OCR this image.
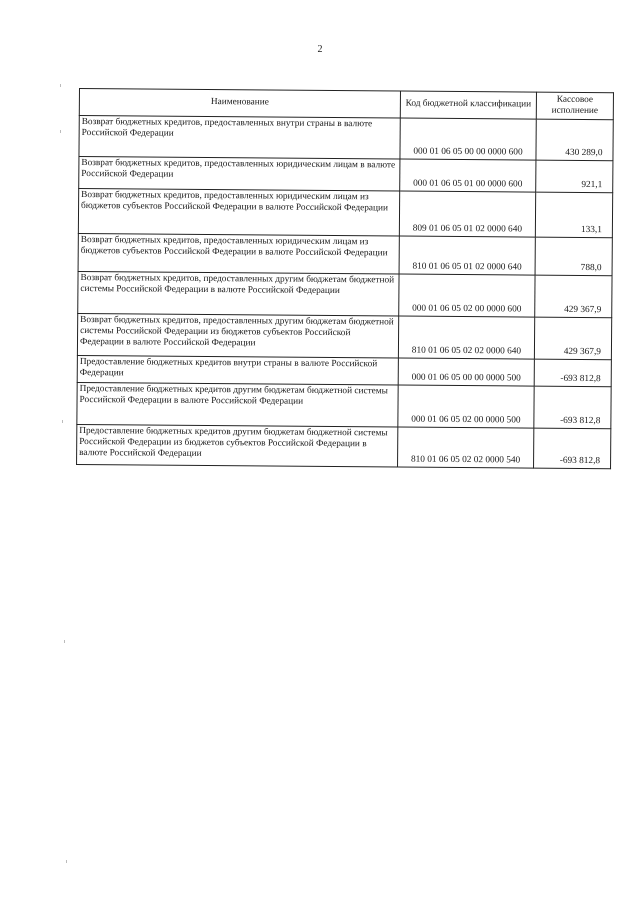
2
Наименование	Код бюджетной классификации	Кассовое исполнение
Возврат бюджетных кредитов, предоставленных внутри страны в валюте Российской Федерации	000 01 06 05 00 00 0000 600	430 289,0
Возврат бюджетных кредитов, предоставленных юридическим лицам в валюте Российской Федерации	000 01 06 05 01 00 0000 600	921,1
Возврат бюджетных кредитов, предоставленных юридическим лицам из бюджетов субъектов Российской Федерации в валюте Российской Федерации	809 01 06 05 01 02 0000 640	133,1
Возврат бюджетных кредитов, предоставленных юридическим лицам из бюджетов субъектов Российской Федерации в валюте Российской Федерации	810 01 06 05 01 02 0000 640	788,0
Возврат бюджетных кредитов, предоставленных другим бюджетам бюджетной системы Российской Федерации в валюте Российской Федерации	000 01 06 05 02 00 0000 600	429 367,9
Возврат бюджетных кредитов, предоставленных другим бюджетам бюджетной системы Российской Федерации из бюджетов субъектов Российской Федерации в валюте Российской Федерации	810 01 06 05 02 02 0000 640	429 367,9
Предоставление бюджетных кредитов внутри страны в валюте Российской Федерации	000 01 06 05 00 00 0000 500	-693 812,8
Предоставление бюджетных кредитов другим бюджетам бюджетной системы Российской Федерации в валюте Российской Федерации	000 01 06 05 02 00 0000 500	-693 812,8
Предоставление бюджетных кредитов другим бюджетам бюджетной системы Российской Федерации из бюджетов субъектов Российской Федерации в валюте Российской Федерации	810 01 06 05 02 02 0000 540	-693 812,8
